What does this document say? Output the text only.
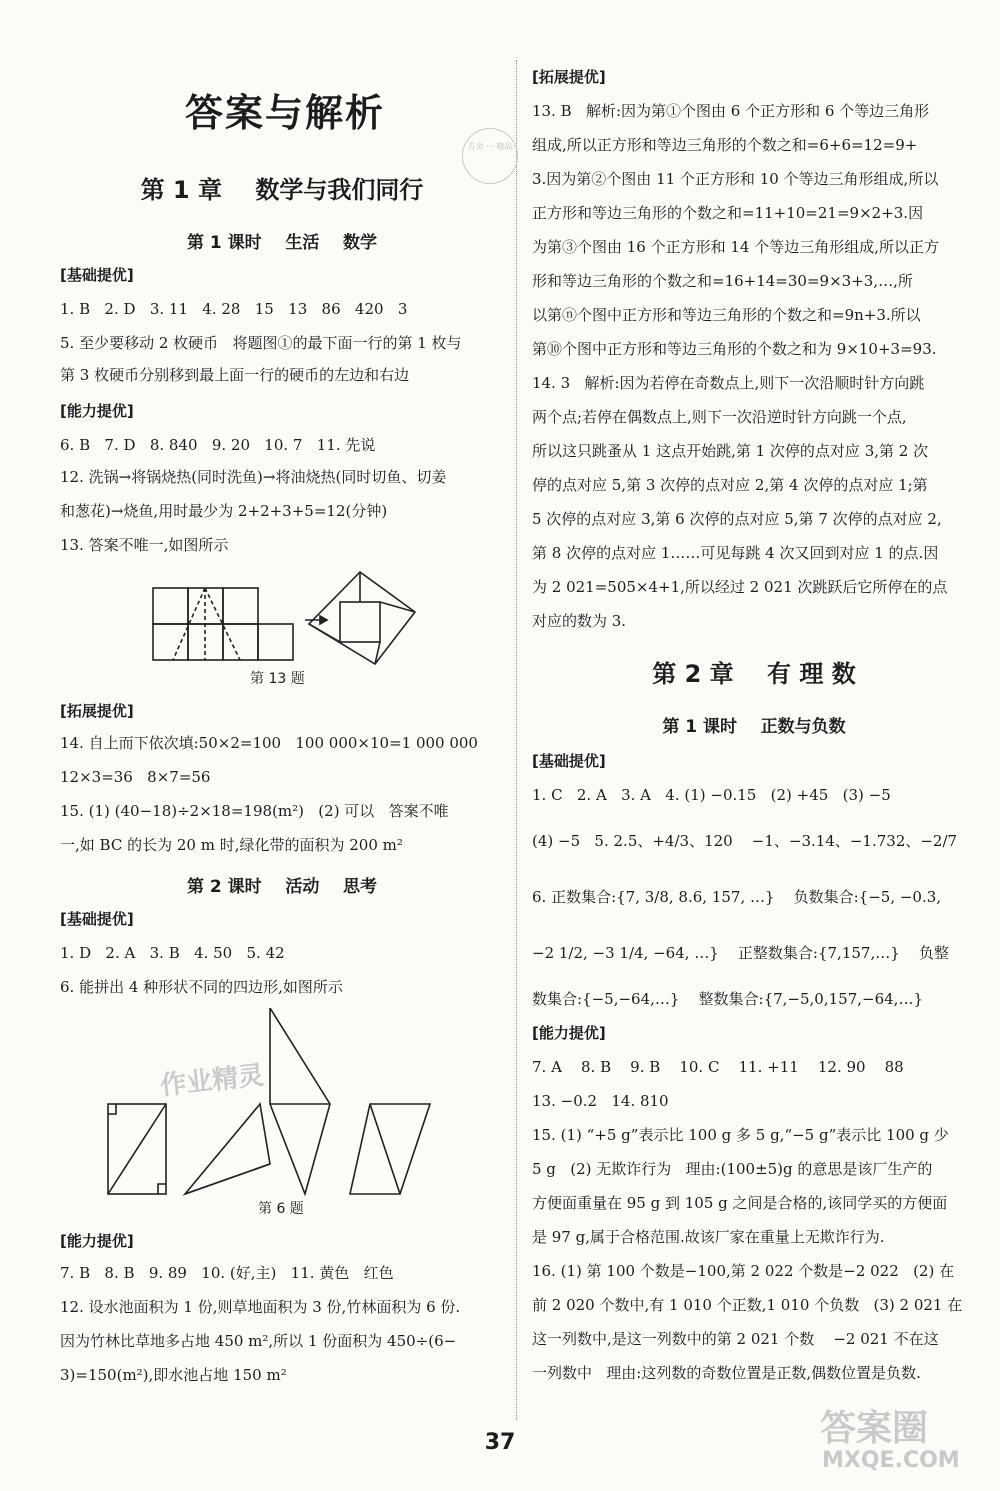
答案与解析
方舍 ··· 精品
第 1 章    数学与我们同行
第 1 课时    生活    数学
[基础提优]
1. B   2. D   3. 11   4. 28   15   13   86   420   3
5. 至少要移动 2 枚硬币   将题图①的最下面一行的第 1 枚与
第 3 枚硬币分别移到最上面一行的硬币的左边和右边
[能力提优]
6. B   7. D   8. 840   9. 20   10. 7   11. 先说
12. 洗锅→将锅烧热(同时洗鱼)→将油烧热(同时切鱼、切姜
和葱花)→烧鱼,用时最少为 2+2+3+5=12(分钟)
13. 答案不唯一,如图所示
第 13 题
[拓展提优]
14. 自上而下依次填:50×2=100   100 000×10=1 000 000
12×3=36   8×7=56
15. (1) (40−18)÷2×18=198(m²)   (2) 可以   答案不唯
一,如 BC 的长为 20 m 时,绿化带的面积为 200 m²
第 2 课时    活动    思考
[基础提优]
1. D   2. A   3. B   4. 50   5. 42
6. 能拼出 4 种形状不同的四边形,如图所示
第 6 题
[能力提优]
7. B   8. B   9. 89   10. (好,主)   11. 黄色   红色
12. 设水池面积为 1 份,则草地面积为 3 份,竹林面积为 6 份.
因为竹林比草地多占地 450 m²,所以 1 份面积为 450÷(6−
3)=150(m²),即水池占地 150 m²
[拓展提优]
13. B   解析:因为第①个图由 6 个正方形和 6 个等边三角形
组成,所以正方形和等边三角形的个数之和=6+6=12=9+
3.因为第②个图由 11 个正方形和 10 个等边三角形组成,所以
正方形和等边三角形的个数之和=11+10=21=9×2+3.因
为第③个图由 16 个正方形和 14 个等边三角形组成,所以正方
形和等边三角形的个数之和=16+14=30=9×3+3,…,所
以第ⓝ个图中正方形和等边三角形的个数之和=9n+3.所以
第⑩个图中正方形和等边三角形的个数之和为 9×10+3=93.
14. 3   解析:因为若停在奇数点上,则下一次沿顺时针方向跳
两个点;若停在偶数点上,则下一次沿逆时针方向跳一个点,
所以这只跳蚤从 1 这点开始跳,第 1 次停的点对应 3,第 2 次
停的点对应 5,第 3 次停的点对应 2,第 4 次停的点对应 1;第
5 次停的点对应 3,第 6 次停的点对应 5,第 7 次停的点对应 2,
第 8 次停的点对应 1……可见每跳 4 次又回到对应 1 的点.因
为 2 021=505×4+1,所以经过 2 021 次跳跃后它所停在的点
对应的数为 3.
第 2 章    有 理 数
第 1 课时    正数与负数
[基础提优]
1. C   2. A   3. A   4. (1) −0.15   (2) +45   (3) −5
(4) −5   5. 2.5、+4/3、120    −1、−3.14、−1.732、−2/7
6. 正数集合:{7, 3/8, 8.6, 157, …}    负数集合:{−5, −0.3,
−2 1/2, −3 1/4, −64, …}    正整数集合:{7,157,…}    负整
数集合:{−5,−64,…}    整数集合:{7,−5,0,157,−64,…}
[能力提优]
7. A    8. B    9. B    10. C    11. +11    12. 90    88
13. −0.2   14. 810
15. (1) “+5 g”表示比 100 g 多 5 g,“−5 g”表示比 100 g 少
5 g   (2) 无欺诈行为   理由:(100±5)g 的意思是该厂生产的
方便面重量在 95 g 到 105 g 之间是合格的,该同学买的方便面
是 97 g,属于合格范围.故该厂家在重量上无欺诈行为.
16. (1) 第 100 个数是−100,第 2 022 个数是−2 022   (2) 在
前 2 020 个数中,有 1 010 个正数,1 010 个负数   (3) 2 021 在
这一列数中,是这一列数中的第 2 021 个数    −2 021 不在这
一列数中   理由:这列数的奇数位置是正数,偶数位置是负数.
37
作业精灵
答案圈
MXQE.COM
